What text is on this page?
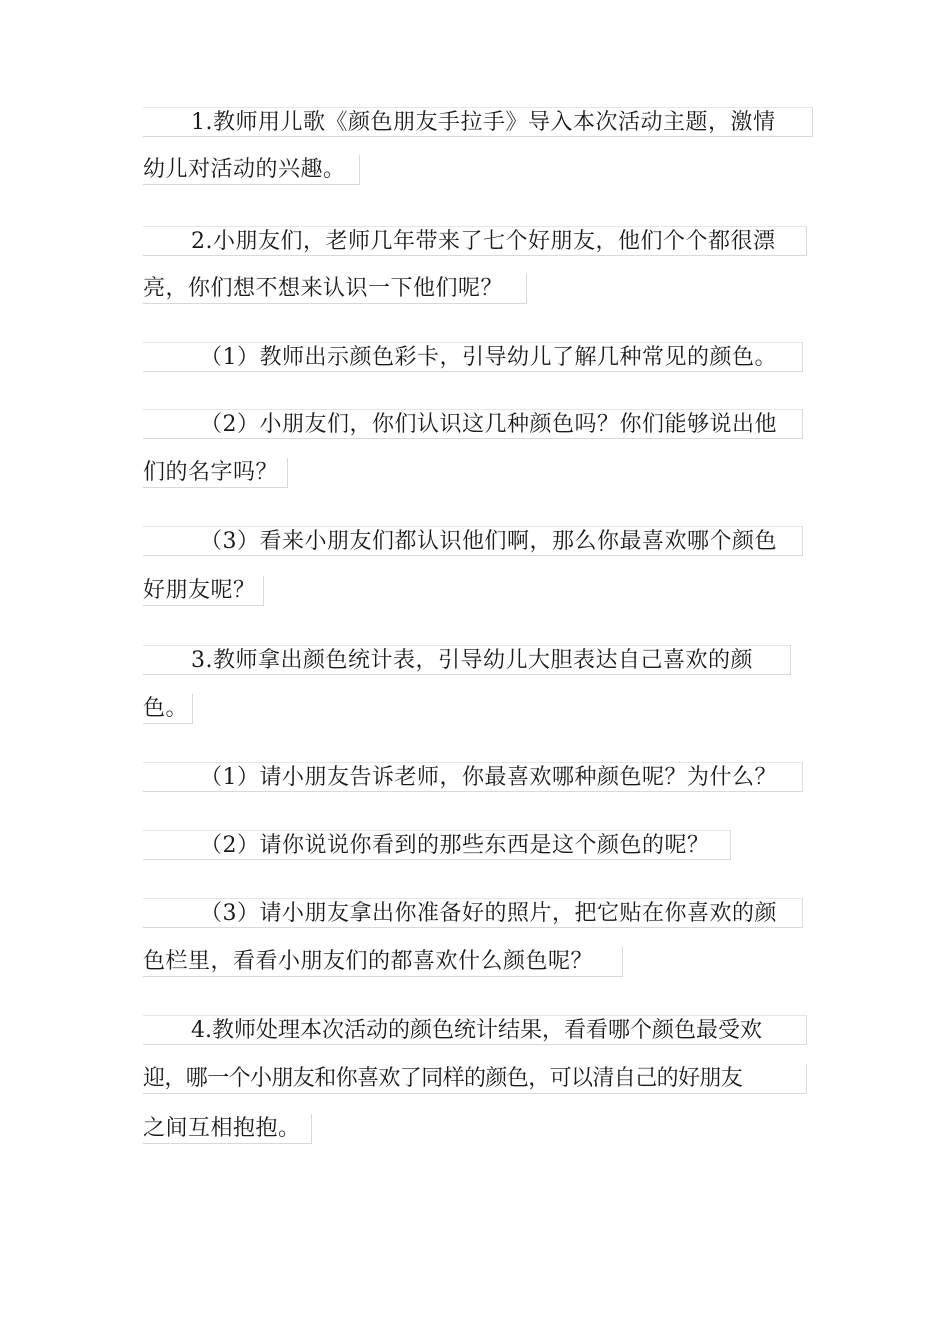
1.教师用儿歌《颜色朋友手拉手》导入本次活动主题，激情
幼儿对活动的兴趣。
2.小朋友们，老师几年带来了七个好朋友，他们个个都很漂
亮，你们想不想来认识一下他们呢？
（1）教师出示颜色彩卡，引导幼儿了解几种常见的颜色。
（2）小朋友们，你们认识这几种颜色吗？你们能够说出他
们的名字吗？
（3）看来小朋友们都认识他们啊，那么你最喜欢哪个颜色
好朋友呢？
3.教师拿出颜色统计表，引导幼儿大胆表达自己喜欢的颜
色。
（1）请小朋友告诉老师，你最喜欢哪种颜色呢？为什么？
（2）请你说说你看到的那些东西是这个颜色的呢？
（3）请小朋友拿出你准备好的照片，把它贴在你喜欢的颜
色栏里，看看小朋友们的都喜欢什么颜色呢？
4.教师处理本次活动的颜色统计结果，看看哪个颜色最受欢
迎，哪一个小朋友和你喜欢了同样的颜色，可以清自己的好朋友
之间互相抱抱。
